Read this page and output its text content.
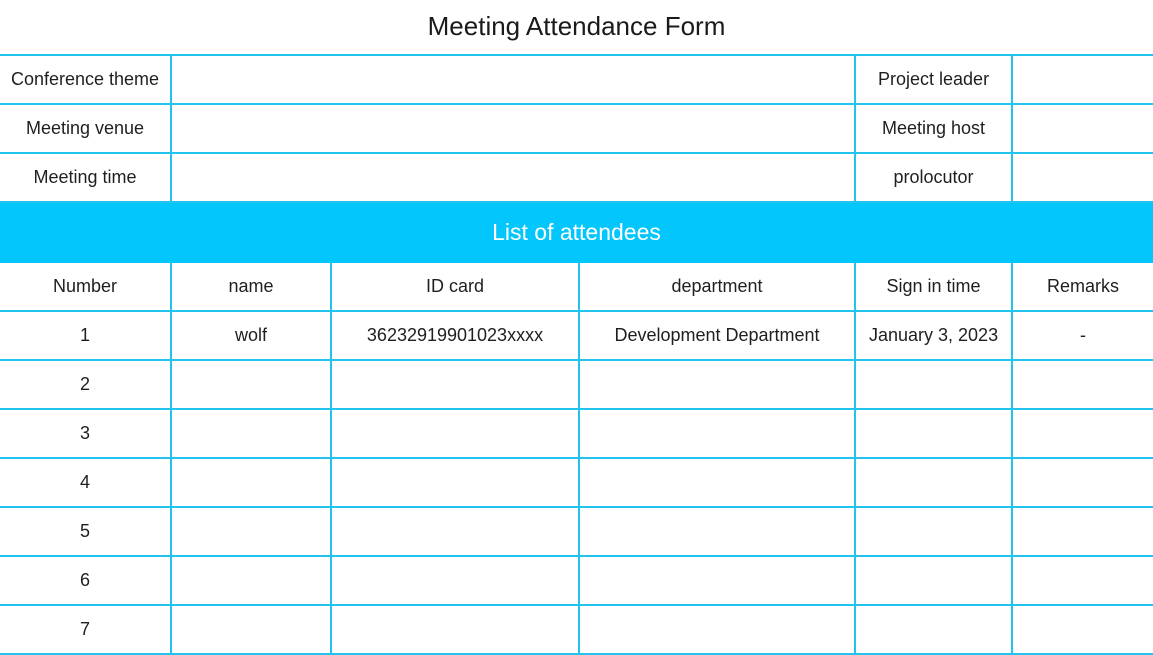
Meeting Attendance Form
Conference theme				Project leader	
Meeting venue				Meeting host	
Meeting time				prolocutor	
List of attendees					
Number	name	ID card	department	Sign in time	Remarks
1	wolf	36232919901023xxxx	Development Department	January 3, 2023	-
2					
3					
4					
5					
6					
7					
